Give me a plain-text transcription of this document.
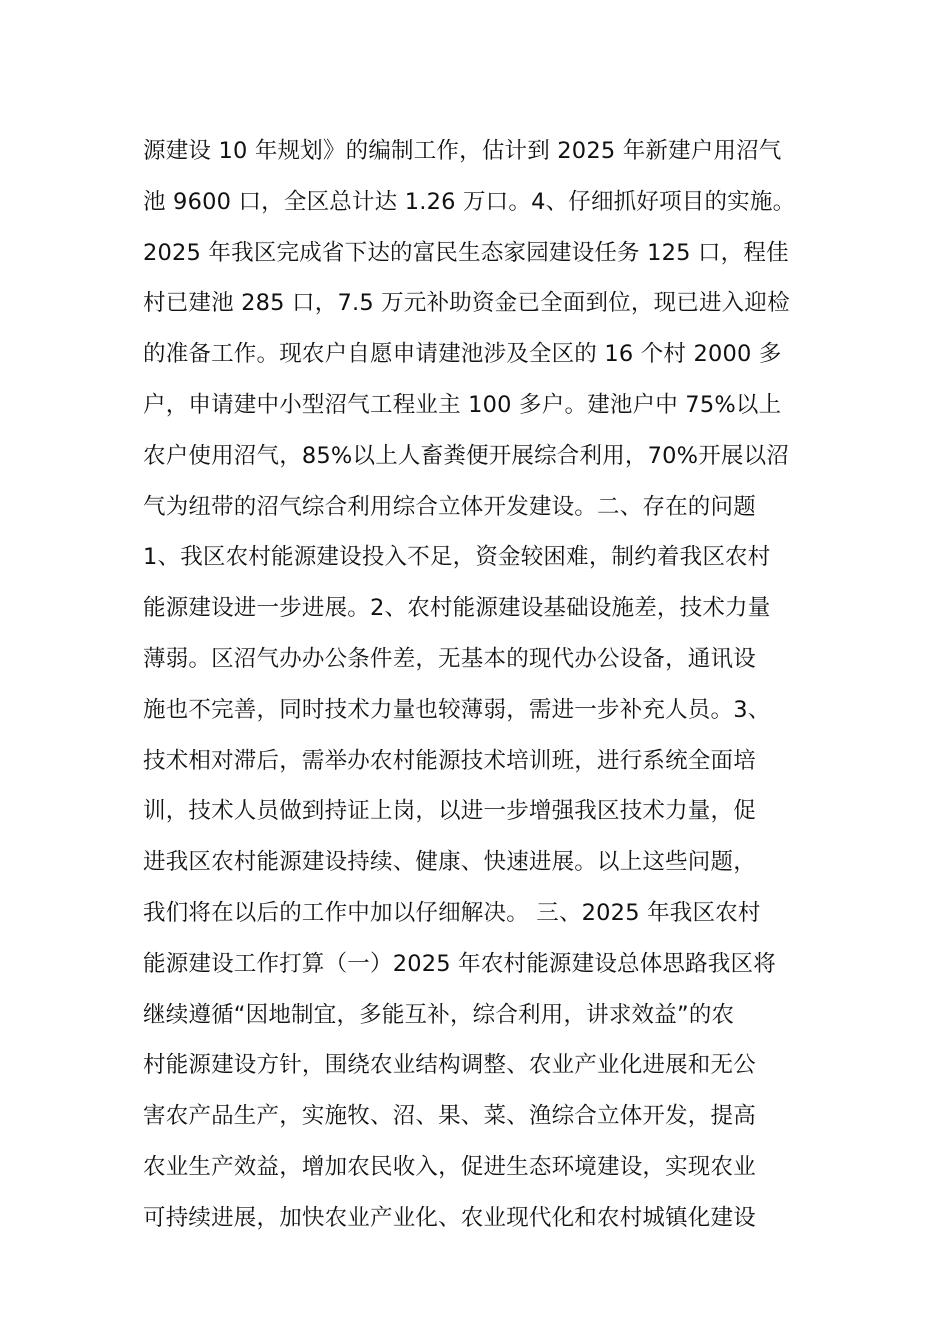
源建设 10 年规划》的编制工作，估计到 2025 年新建户用沼气
池 9600 口，全区总计达 1.26 万口。4、仔细抓好项目的实施。
2025 年我区完成省下达的富民生态家园建设任务 125 口，程佳
村已建池 285 口，7.5 万元补助资金已全面到位，现已进入迎检
的准备工作。现农户自愿申请建池涉及全区的 16 个村 2000 多
户，申请建中小型沼气工程业主 100 多户。建池户中 75%以上
农户使用沼气，85%以上人畜粪便开展综合利用，70%开展以沼
气为纽带的沼气综合利用综合立体开发建设。二、存在的问题
1、我区农村能源建设投入不足，资金较困难，制约着我区农村
能源建设进一步进展。2、农村能源建设基础设施差，技术力量
薄弱。区沼气办办公条件差，无基本的现代办公设备，通讯设
施也不完善，同时技术力量也较薄弱，需进一步补充人员。3、
技术相对滞后，需举办农村能源技术培训班，进行系统全面培
训，技术人员做到持证上岗，以进一步增强我区技术力量，促
进我区农村能源建设持续、健康、快速进展。以上这些问题，
我们将在以后的工作中加以仔细解决。 三、2025 年我区农村
能源建设工作打算（一）2025 年农村能源建设总体思路我区将
继续遵循“因地制宜，多能互补，综合利用，讲求效益”的农
村能源建设方针，围绕农业结构调整、农业产业化进展和无公
害农产品生产，实施牧、沼、果、菜、渔综合立体开发，提高
农业生产效益，增加农民收入，促进生态环境建设，实现农业
可持续进展，加快农业产业化、农业现代化和农村城镇化建设
